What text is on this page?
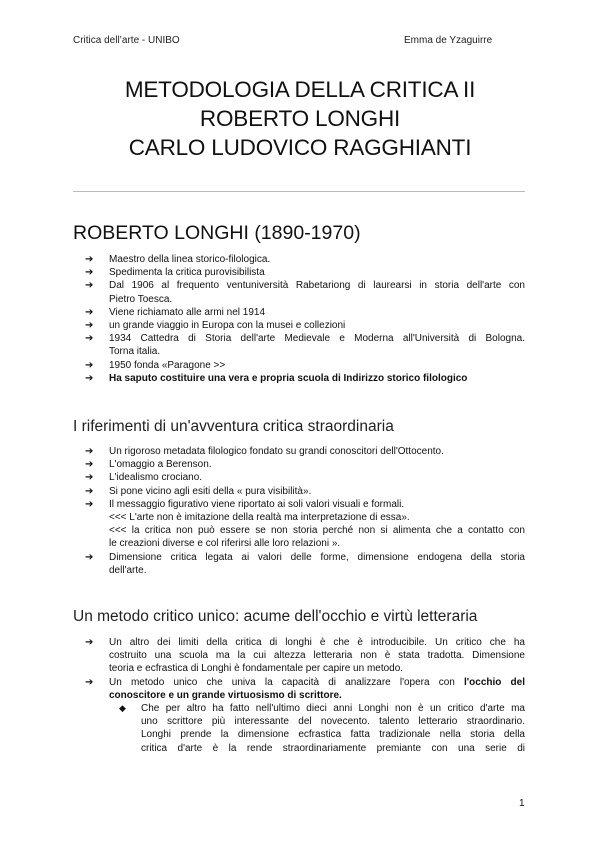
Critica dell’arte - UNIBO	Emma de Yzaguirre
METODOLOGIA DELLA CRITICA II
ROBERTO LONGHI
CARLO LUDOVICO RAGGHIANTI
ROBERTO LONGHI (1890-1970)
➔ Maestro della linea storico-filologica.
➔ Spedimenta la critica purovisibilista
➔ Dal 1906 al frequento ventuniversità Rabetariong di laurearsi in storia dell'arte con
Pietro Toesca.
➔ Viene richiamato alle armi nel 1914
➔ un grande viaggio in Europa con la musei e collezioni
➔ 1934 Cattedra di Storia dell'arte Medievale e Moderna all'Università di Bologna.
Torna italia.
➔ 1950 fonda «Paragone >>
➔ Ha saputo costituire una vera e propria scuola di Indirizzo storico filologico
I riferimenti di un'avventura critica straordinaria
➔ Un rigoroso metadata filologico fondato su grandi conoscitori dell'Ottocento.
➔ L'omaggio a Berenson.
➔ L'idealismo crociano.
➔ Si pone vicino agli esiti della « pura visibilità».
➔ Il messaggio figurativo viene riportato ai soli valori visuali e formali.
<<< L'arte non è imitazione della realtà ma interpretazione di essa».
<<< la critica non può essere se non storia perché non si alimenta che a contatto con
le creazioni diverse e col riferirsi alle loro relazioni ».
➔ Dimensione critica legata ai valori delle forme, dimensione endogena della storia
dell'arte.
Un metodo critico unico: acume dell'occhio e virtù letteraria
➔ Un altro dei limiti della critica di longhi è che è introducibile. Un critico che ha
costruito una scuola ma la cui altezza letteraria non è stata tradotta. Dimensione
teoria e ecfrastica di Longhi è fondamentale per capire un metodo.
➔ Un metodo unico che univa la capacità di analizzare l'opera con l'occhio del
conoscitore e un grande virtuosismo di scrittore.
◆ Che per altro ha fatto nell'ultimo dieci anni Longhi non è un critico d'arte ma
uno scrittore più interessante del novecento. talento letterario straordinario.
Longhi prende la dimensione ecfrastica fatta tradizionale nella storia della
critica d'arte è la rende straordinariamente premiante con una serie di
1
